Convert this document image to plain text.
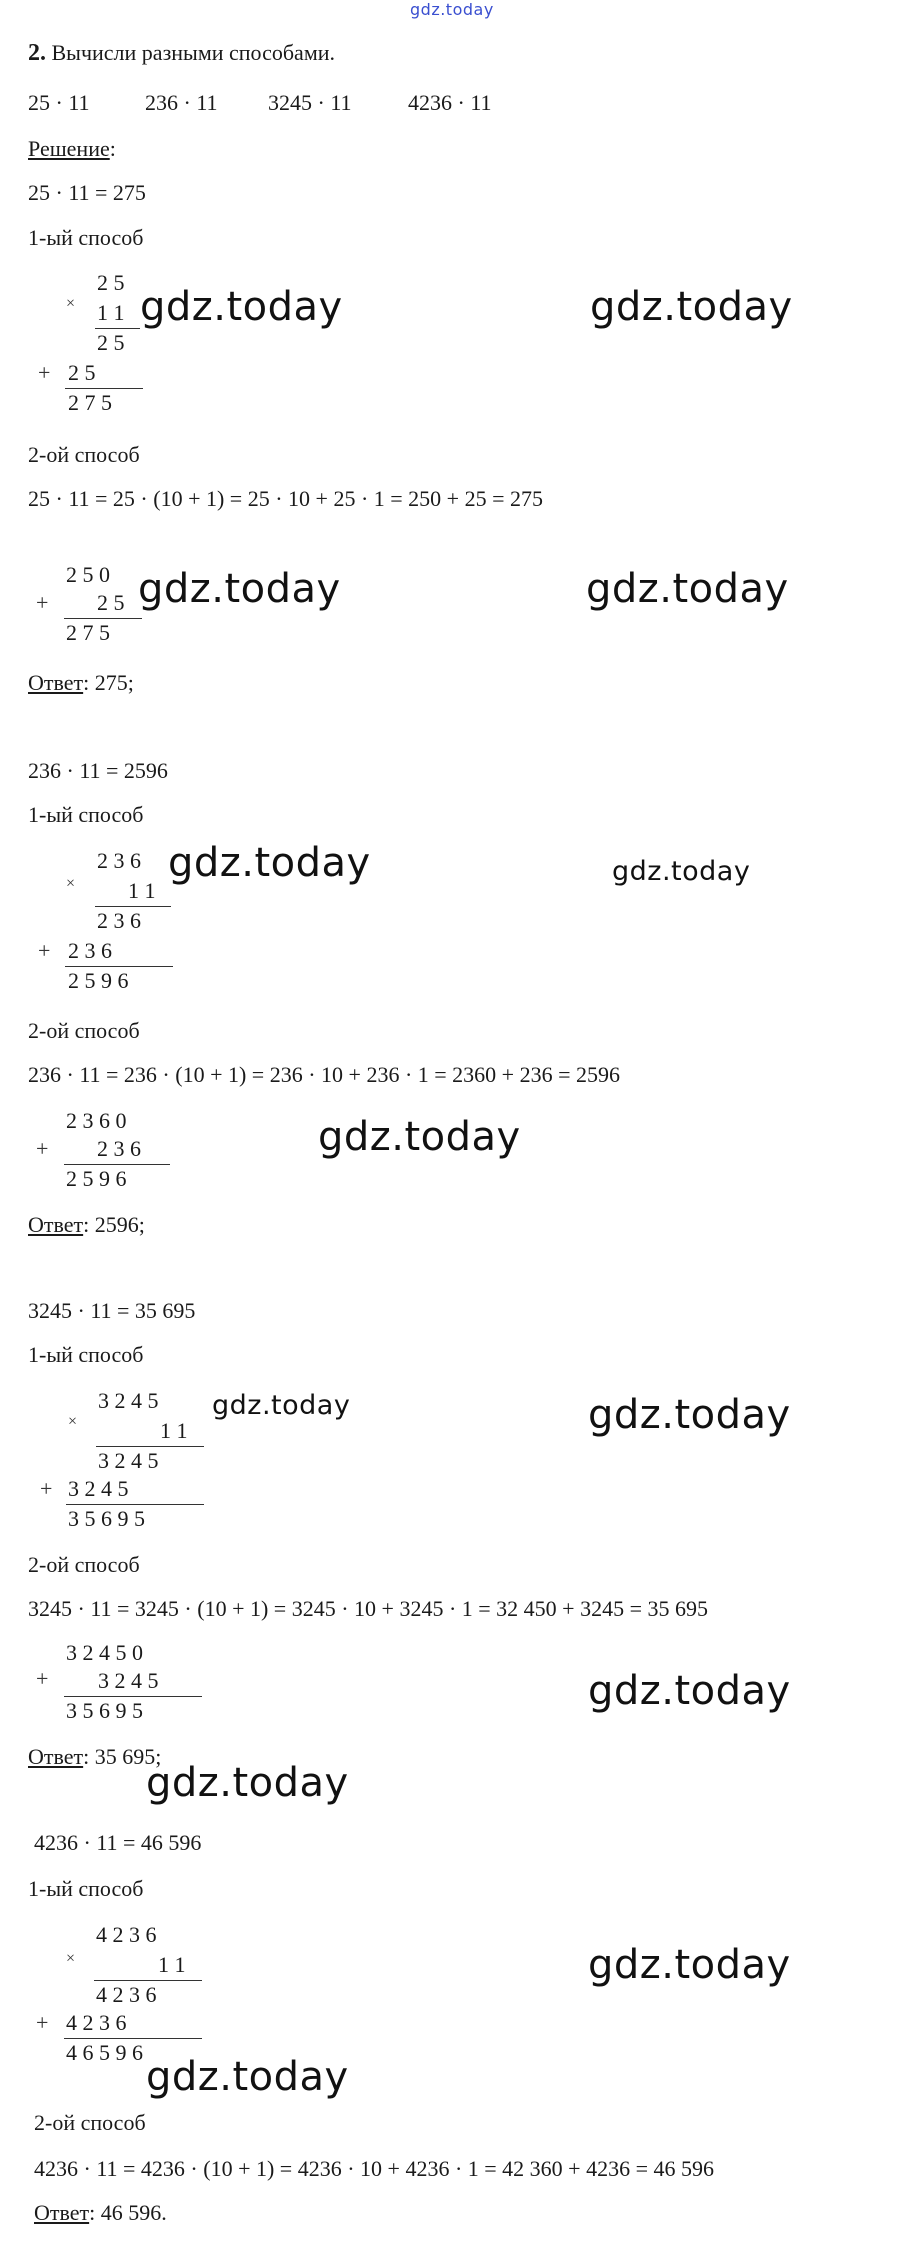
gdz.today
2. Вычисли разными способами.
25 · 11	236 · 11 3245 · 11	4236 · 11
Решение:
25 · 11 = 275
1-ый способ
2 5
× 1 1
2 5
+ 2 5
2 7 5
gdz.today	gdz.today
2-ой способ
25 · 11 = 25 · (10 + 1) = 25 · 10 + 25 · 1 = 250 + 25 = 275
2 5 0
+ 2 5
2 7 5
gdz.today	gdz.today
Ответ: 275;
236 · 11 = 2596
1-ый способ
2 3 6
× 1 1
2 3 6
+ 2 3 6
2 5 9 6
gdz.today	gdz.today
2-ой способ
236 · 11 = 236 · (10 + 1) = 236 · 10 + 236 · 1 = 2360 + 236 = 2596
2 3 6 0
+ 2 3 6
2 5 9 6
gdz.today
Ответ: 2596;
3245 · 11 = 35 695
1-ый способ
3 2 4 5
×	1 1
3 2 4 5
+ 3 2 4 5
3 5 6 9 5
gdz.today	gdz.today
2-ой способ
3245 · 11 = 3245 · (10 + 1) = 3245 · 10 + 3245 · 1 = 32 450 + 3245 = 35 695
3 2 4 5 0
+ 3 2 4 5
3 5 6 9 5	gdz.today
Ответ: 35 695;
gdz.today
4236 · 11 = 46 596
1-ый способ
4 2 3 6
×	1 1
4 2 3 6
+ 4 2 3 6
4 6 5 9 6
gdz.today
gdz.today
2-ой способ
4236 · 11 = 4236 · (10 + 1) = 4236 · 10 + 4236 · 1 = 42 360 + 4236 = 46 596
Ответ: 46 596.
